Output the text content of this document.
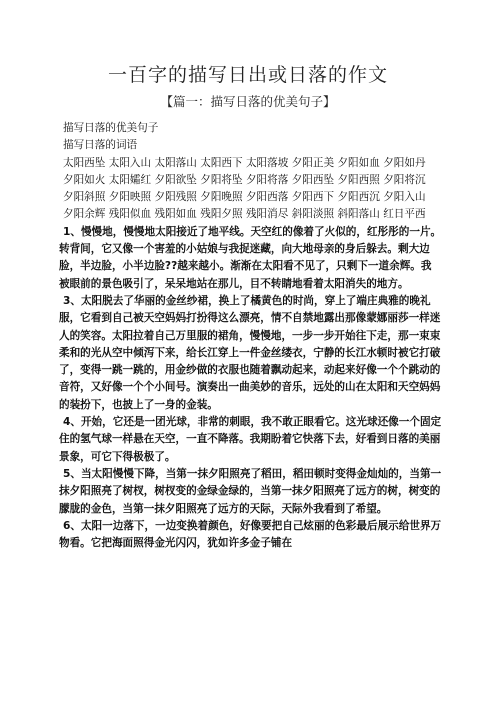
一百字的描写日出或日落的作文
【篇一：描写日落的优美句子】

描写日落的优美句子

描写日落的词语

太阳西坠 太阳入山 太阳落山 太阳西下 太阳落坡 夕阳正美 夕阳如血 夕阳如丹

夕阳如火 太阳孀红 夕阳欲坠 夕阳将坠 夕阳将落 夕阳西坠 夕阳西照 夕阳将沉

夕阳斜照 夕阳映照 夕阳残照 夕阳晚照 夕阳西落 夕阳西下 夕阳西沉 夕阳入山

夕阳余辉 残阳似血 残阳如血 残阳夕照 残阳消尽 斜阳淡照 斜阳落山 红日平西

1、慢慢地，慢慢地太阳接近了地平线。天空红的像着了火似的，红彤彤的一片。转背间，它又像一个害羞的小姑娘与我捉迷藏，向大地母亲的身后躲去。剩大边脸，半边脸，小半边脸??越来越小。渐渐在太阳看不见了，只剩下一道余辉。我被眼前的景色吸引了，呆呆地站在那儿，目不转睛地看着太阳消失的地方。

3、太阳脱去了华丽的金丝纱裙，换上了橘黄色的时尚，穿上了端庄典雅的晚礼服，它看到自己被天空妈妈打扮得这么漂亮，情不自禁地露出那像蒙娜丽莎一样迷人的笑容。太阳拉着自己万里服的裙角，慢慢地，一步一步开始往下走，那一束束柔和的光从空中倾泻下来，给长江穿上一件金丝缕衣，宁静的长江水顿时被它打破了，变得一跳一跳的，用金纱做的衣服也随着飘动起来，动起来好像一个个跳动的音符，又好像一个个小间号。演奏出一曲美妙的音乐，远处的山在太阳和天空妈妈的装扮下，也披上了一身的金装。

4、开始，它还是一团光球，非常的刺眼，我不敢正眼看它。这光球还像一个固定住的氢气球一样悬在天空，一直不降落。我期盼着它快落下去，好看到日落的美丽景象，可它下得极极了。

5、当太阳慢慢下降，当第一抹夕阳照亮了稻田，稻田顿时变得金灿灿的，当第一抹夕阳照亮了树杈，树杈变的金绿金绿的，当第一抹夕阳照亮了远方的树，树变的朦胧的金色，当第一抹夕阳照亮了远方的天际，天际外我看到了希望。

6、太阳一边落下，一边变换着颜色，好像要把自己炫丽的色彩最后展示给世界万物看。它把海面照得金光闪闪，犹如许多金子铺在
